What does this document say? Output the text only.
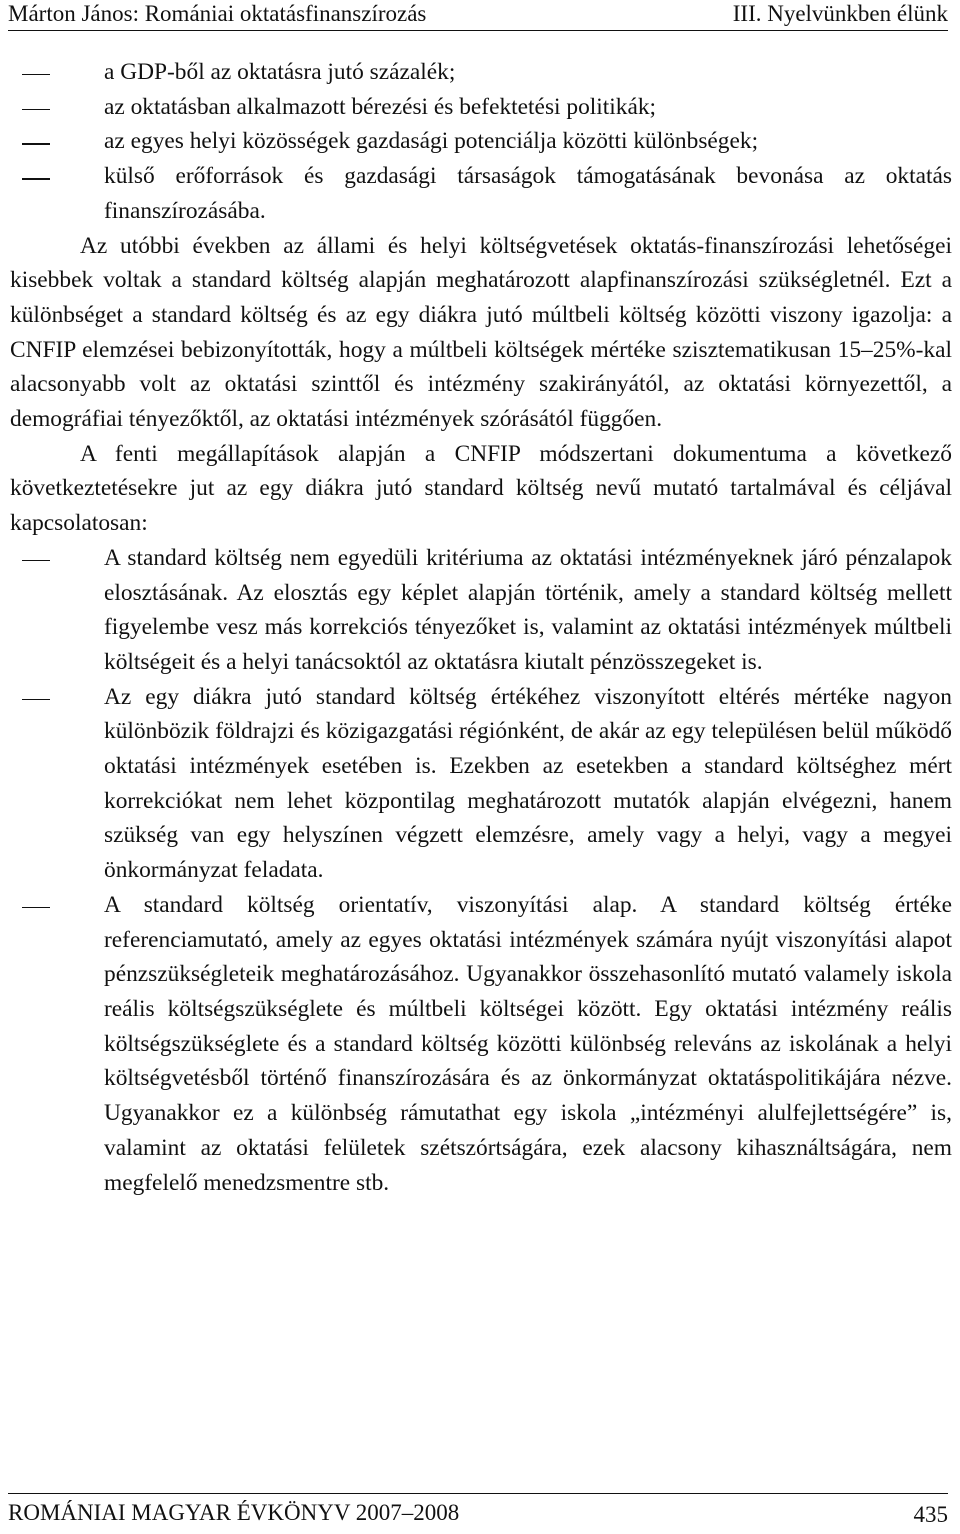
Márton János: Romániai oktatásfinanszírozás	III. Nyelvünkben élünk
a GDP-ből az oktatásra jutó százalék;
az oktatásban alkalmazott bérezési és befektetési politikák;
az egyes helyi közösségek gazdasági potenciálja közötti különbségek;
külső erőforrások és gazdasági társaságok támogatásának bevonása az oktatás finanszírozásába.

Az utóbbi években az állami és helyi költségvetések oktatás-finanszírozási lehetőségei kisebbek voltak a standard költség alapján meghatározott alapfinanszírozási szükségletnél. Ezt a különbséget a standard költség és az egy diákra jutó múltbeli költség közötti viszony igazolja: a CNFIP elemzései bebizonyították, hogy a múltbeli költségek mértéke szisztematikusan 15–25%-kal alacsonyabb volt az oktatási szinttől és intézmény szakirányától, az oktatási környezettől, a demográfiai tényezőktől, az oktatási intézmények szórásától függően.

A fenti megállapítások alapján a CNFIP módszertani dokumentuma a következő következtetésekre jut az egy diákra jutó standard költség nevű mutató tartalmával és céljával kapcsolatosan:

A standard költség nem egyedüli kritériuma az oktatási intézményeknek járó pénzalapok elosztásának. Az elosztás egy képlet alapján történik, amely a standard költség mellett figyelembe vesz más korrekciós tényezőket is, valamint az oktatási intézmények múltbeli költségeit és a helyi tanácsoktól az oktatásra kiutalt pénzösszegeket is.
Az egy diákra jutó standard költség értékéhez viszonyított eltérés mértéke nagyon különbözik földrajzi és közigazgatási régiónként, de akár az egy településen belül működő oktatási intézmények esetében is. Ezekben az esetekben a standard költséghez mért korrekciókat nem lehet központilag meghatározott mutatók alapján elvégezni, hanem szükség van egy helyszínen végzett elemzésre, amely vagy a helyi, vagy a megyei önkormányzat feladata.
A standard költség orientatív, viszonyítási alap. A standard költség értéke referenciamutató, amely az egyes oktatási intézmények számára nyújt viszonyítási alapot pénzszükségleteik meghatározásához. Ugyanakkor összehasonlító mutató valamely iskola reális költségszükséglete és múltbeli költségei között. Egy oktatási intézmény reális költségszükséglete és a standard költség közötti különbség releváns az iskolának a helyi költségvetésből történő finanszírozására és az önkormányzat oktatáspolitikájára nézve. Ugyanakkor ez a különbség rámutathat egy iskola „intézményi alulfejlettségére” is, valamint az oktatási felületek szétszórtságára, ezek alacsony kihasználtságára, nem megfelelő menedzsmentre stb.
ROMÁNIAI MAGYAR ÉVKÖNYV 2007–2008	435
